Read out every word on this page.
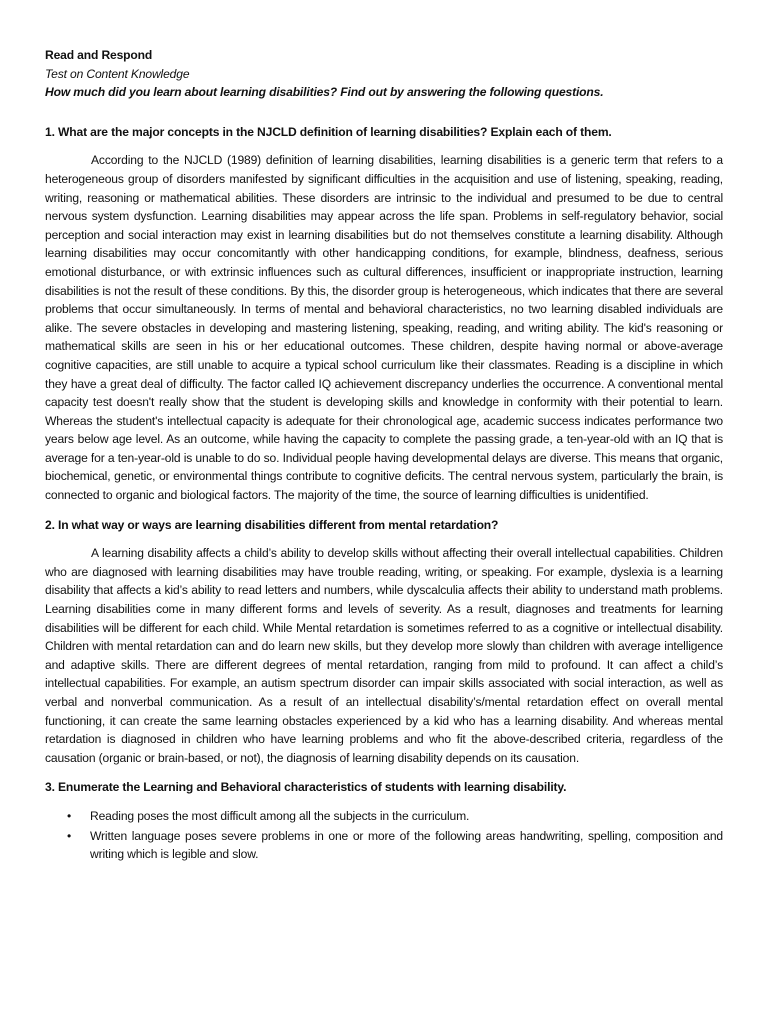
Read and Respond

Test on Content Knowledge

How much did you learn about learning disabilities? Find out by answering the following questions.

1. What are the major concepts in the NJCLD definition of learning disabilities? Explain each of them.

According to the NJCLD (1989) definition of learning disabilities, learning disabilities is a generic term that refers to a heterogeneous group of disorders manifested by significant difficulties in the acquisition and use of listening, speaking, reading, writing, reasoning or mathematical abilities. These disorders are intrinsic to the individual and presumed to be due to central nervous system dysfunction. Learning disabilities may appear across the life span. Problems in self-regulatory behavior, social perception and social interaction may exist in learning disabilities but do not themselves constitute a learning disability. Although learning disabilities may occur concomitantly with other handicapping conditions, for example, blindness, deafness, serious emotional disturbance, or with extrinsic influences such as cultural differences, insufficient or inappropriate instruction, learning disabilities is not the result of these conditions. By this, the disorder group is heterogeneous, which indicates that there are several problems that occur simultaneously. In terms of mental and behavioral characteristics, no two learning disabled individuals are alike. The severe obstacles in developing and mastering listening, speaking, reading, and writing ability. The kid's reasoning or mathematical skills are seen in his or her educational outcomes. These children, despite having normal or above-average cognitive capacities, are still unable to acquire a typical school curriculum like their classmates. Reading is a discipline in which they have a great deal of difficulty. The factor called IQ achievement discrepancy underlies the occurrence. A conventional mental capacity test doesn't really show that the student is developing skills and knowledge in conformity with their potential to learn. Whereas the student's intellectual capacity is adequate for their chronological age, academic success indicates performance two years below age level. As an outcome, while having the capacity to complete the passing grade, a ten-year-old with an IQ that is average for a ten-year-old is unable to do so. Individual people having developmental delays are diverse. This means that organic, biochemical, genetic, or environmental things contribute to cognitive deficits. The central nervous system, particularly the brain, is connected to organic and biological factors. The majority of the time, the source of learning difficulties is unidentified.

2. In what way or ways are learning disabilities different from mental retardation?

A learning disability affects a child’s ability to develop skills without affecting their overall intellectual capabilities. Children who are diagnosed with learning disabilities may have trouble reading, writing, or speaking. For example, dyslexia is a learning disability that affects a kid’s ability to read letters and numbers, while dyscalculia affects their ability to understand math problems. Learning disabilities come in many different forms and levels of severity. As a result, diagnoses and treatments for learning disabilities will be different for each child. While Mental retardation is sometimes referred to as a cognitive or intellectual disability. Children with mental retardation can and do learn new skills, but they develop more slowly than children with average intelligence and adaptive skills. There are different degrees of mental retardation, ranging from mild to profound. It can affect a child’s intellectual capabilities. For example, an autism spectrum disorder can impair skills associated with social interaction, as well as verbal and nonverbal communication. As a result of an intellectual disability’s/mental retardation effect on overall mental functioning, it can create the same learning obstacles experienced by a kid who has a learning disability. And whereas mental retardation is diagnosed in children who have learning problems and who fit the above-described criteria, regardless of the causation (organic or brain-based, or not), the diagnosis of learning disability depends on its causation.

3. Enumerate the Learning and Behavioral characteristics of students with learning disability.

• Reading poses the most difficult among all the subjects in the curriculum.
• Written language poses severe problems in one or more of the following areas handwriting, spelling, composition and writing which is legible and slow.
